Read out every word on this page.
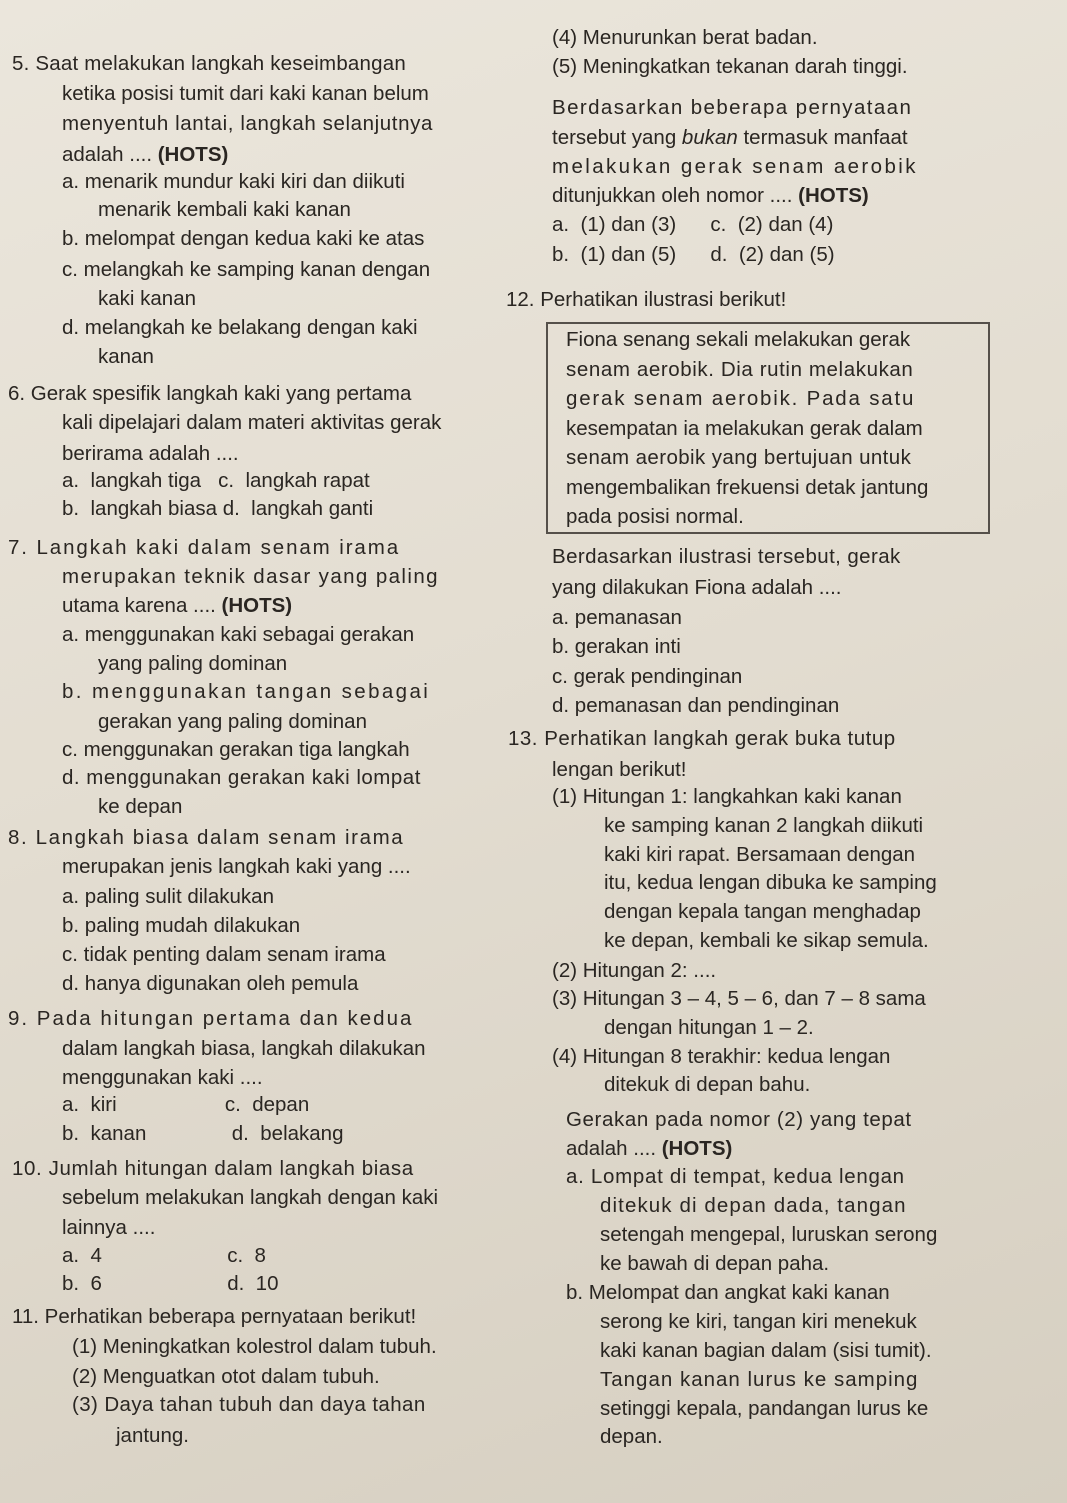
5. Saat melakukan langkah keseimbangan
ketika posisi tumit dari kaki kanan belum
menyentuh lantai, langkah selanjutnya
adalah .... (HOTS)
a. menarik mundur kaki kiri dan diikuti
menarik kembali kaki kanan
b. melompat dengan kedua kaki ke atas
c. melangkah ke samping kanan dengan
kaki kanan
d. melangkah ke belakang dengan kaki
kanan
6. Gerak spesifik langkah kaki yang pertama
kali dipelajari dalam materi aktivitas gerak
berirama adalah ....
a.  langkah tiga   c.  langkah rapat
b.  langkah biasa d.  langkah ganti
7. Langkah kaki dalam senam irama
merupakan teknik dasar yang paling
utama karena .... (HOTS)
a. menggunakan kaki sebagai gerakan
yang paling dominan
b. menggunakan tangan sebagai
gerakan yang paling dominan
c. menggunakan gerakan tiga langkah
d. menggunakan gerakan kaki lompat
ke depan
8. Langkah biasa dalam senam irama
merupakan jenis langkah kaki yang ....
a. paling sulit dilakukan
b. paling mudah dilakukan
c. tidak penting dalam senam irama
d. hanya digunakan oleh pemula
9. Pada hitungan pertama dan kedua
dalam langkah biasa, langkah dilakukan
menggunakan kaki ....
a.  kiri                   c.  depan
b.  kanan               d.  belakang
10. Jumlah hitungan dalam langkah biasa
sebelum melakukan langkah dengan kaki
lainnya ....
a.  4                      c.  8
b.  6                      d.  10
11. Perhatikan beberapa pernyataan berikut!
(1) Meningkatkan kolestrol dalam tubuh.
(2) Menguatkan otot dalam tubuh.
(3) Daya tahan tubuh dan daya tahan
jantung.
(4) Menurunkan berat badan.
(5) Meningkatkan tekanan darah tinggi.
Berdasarkan beberapa pernyataan
tersebut yang bukan termasuk manfaat
melakukan gerak senam aerobik
ditunjukkan oleh nomor .... (HOTS)
a.  (1) dan (3)      c.  (2) dan (4)
b.  (1) dan (5)      d.  (2) dan (5)
12. Perhatikan ilustrasi berikut!
Fiona senang sekali melakukan gerak
senam aerobik. Dia rutin melakukan
gerak senam aerobik. Pada satu
kesempatan ia melakukan gerak dalam
senam aerobik yang bertujuan untuk
mengembalikan frekuensi detak jantung
pada posisi normal.
Berdasarkan ilustrasi tersebut, gerak
yang dilakukan Fiona adalah ....
a. pemanasan
b. gerakan inti
c. gerak pendinginan
d. pemanasan dan pendinginan
13. Perhatikan langkah gerak buka tutup
lengan berikut!
(1) Hitungan 1: langkahkan kaki kanan
ke samping kanan 2 langkah diikuti
kaki kiri rapat. Bersamaan dengan
itu, kedua lengan dibuka ke samping
dengan kepala tangan menghadap
ke depan, kembali ke sikap semula.
(2) Hitungan 2: ....
(3) Hitungan 3 – 4, 5 – 6, dan 7 – 8 sama
dengan hitungan 1 – 2.
(4) Hitungan 8 terakhir: kedua lengan
ditekuk di depan bahu.
Gerakan pada nomor (2) yang tepat
adalah .... (HOTS)
a. Lompat di tempat, kedua lengan
ditekuk di depan dada, tangan
setengah mengepal, luruskan serong
ke bawah di depan paha.
b. Melompat dan angkat kaki kanan
serong ke kiri, tangan kiri menekuk
kaki kanan bagian dalam (sisi tumit).
Tangan kanan lurus ke samping
setinggi kepala, pandangan lurus ke
depan.
